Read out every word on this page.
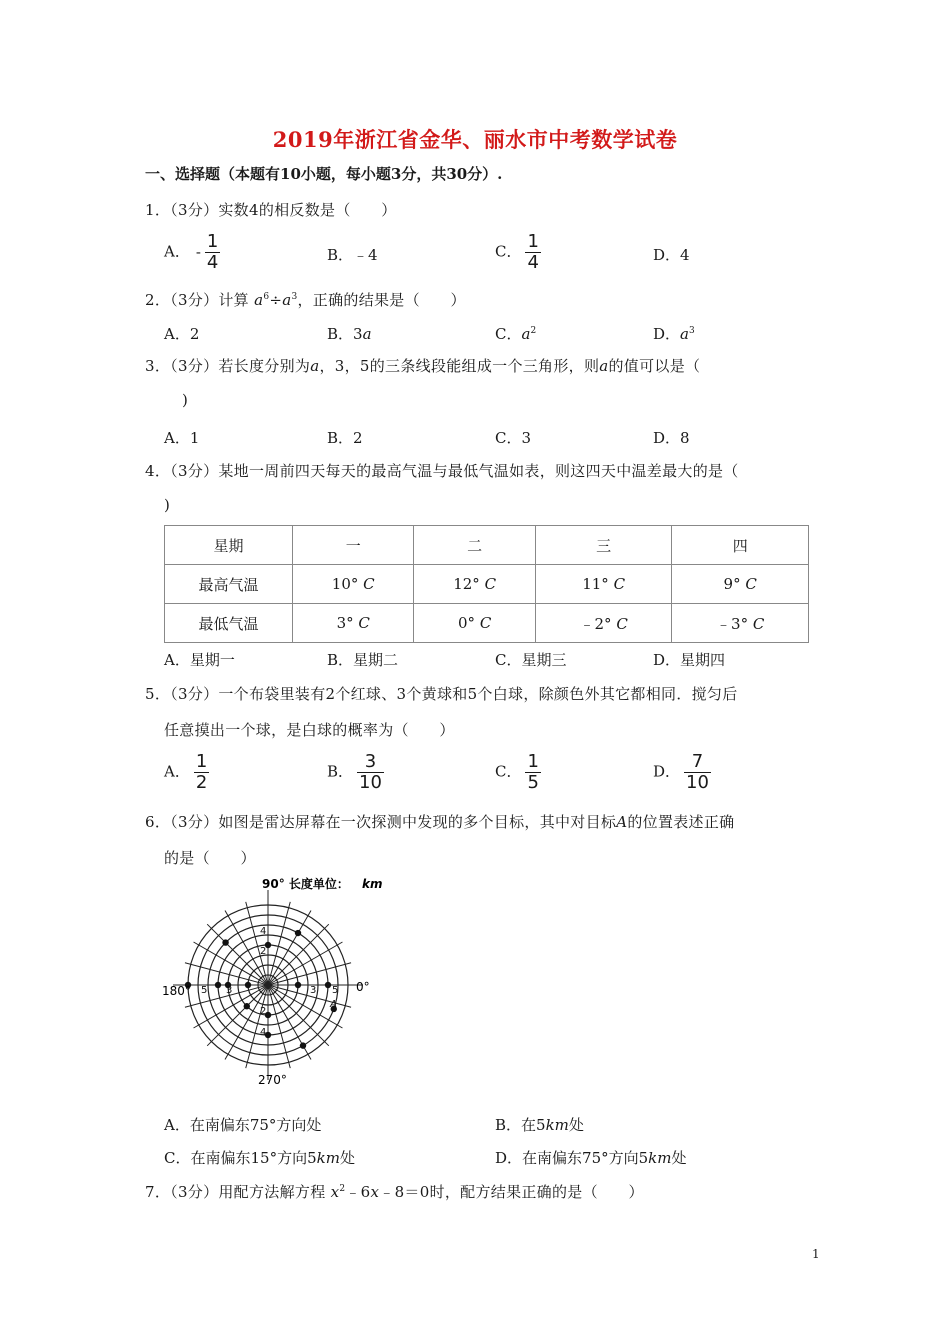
2019年浙江省金华、丽水市中考数学试卷
一、选择题（本题有10小题，每小题3分，共30分）.
1．（3分）实数4的相反数是（　　）
A． - $\frac{1}{4}$	B．﹣4	C． $\frac{1}{4}$	D．4
2．（3分）计算 $a^6\div a^3$，正确的结果是（　　）
A．2	B．3a	C．$a^2$	D．$a^3$
3．（3分）若长度分别为a，3，5的三条线段能组成一个三角形，则a的值可以是（
)
A．1	B．2	C．3	D．8
4．（3分）某地一周前四天每天的最高气温与最低气温如表，则这四天中温差最大的是（
)
星期	一	二	三	四
最高气温	10° C	12° C	11° C	9° C
最低气温	3° C	0° C	﹣2° C	﹣3° C
A．星期一	B．星期二	C．星期三	D．星期四
5．（3分）一个布袋里装有2个红球、3个黄球和5个白球，除颜色外其它都相同．搅匀后
任意摸出一个球，是白球的概率为（　　）
A． $\frac{1}{2}$	B． $\frac{3}{10}$	C． $\frac{1}{5}$	D． $\frac{7}{10}$
6．（3分）如图是雷达屏幕在一次探测中发现的多个目标，其中对目标A的位置表述正确
的是（　　）
90° 长度单位： km
180°	0°
270°
4
2
5 3	3 5
2
4
A
A．在南偏东75°方向处	B．在5km处
C．在南偏东15°方向5km处	D．在南偏东75°方向5km处
7．（3分）用配方法解方程 $x^2﹣6x﹣8=0$时，配方结果正确的是（　　）
1
